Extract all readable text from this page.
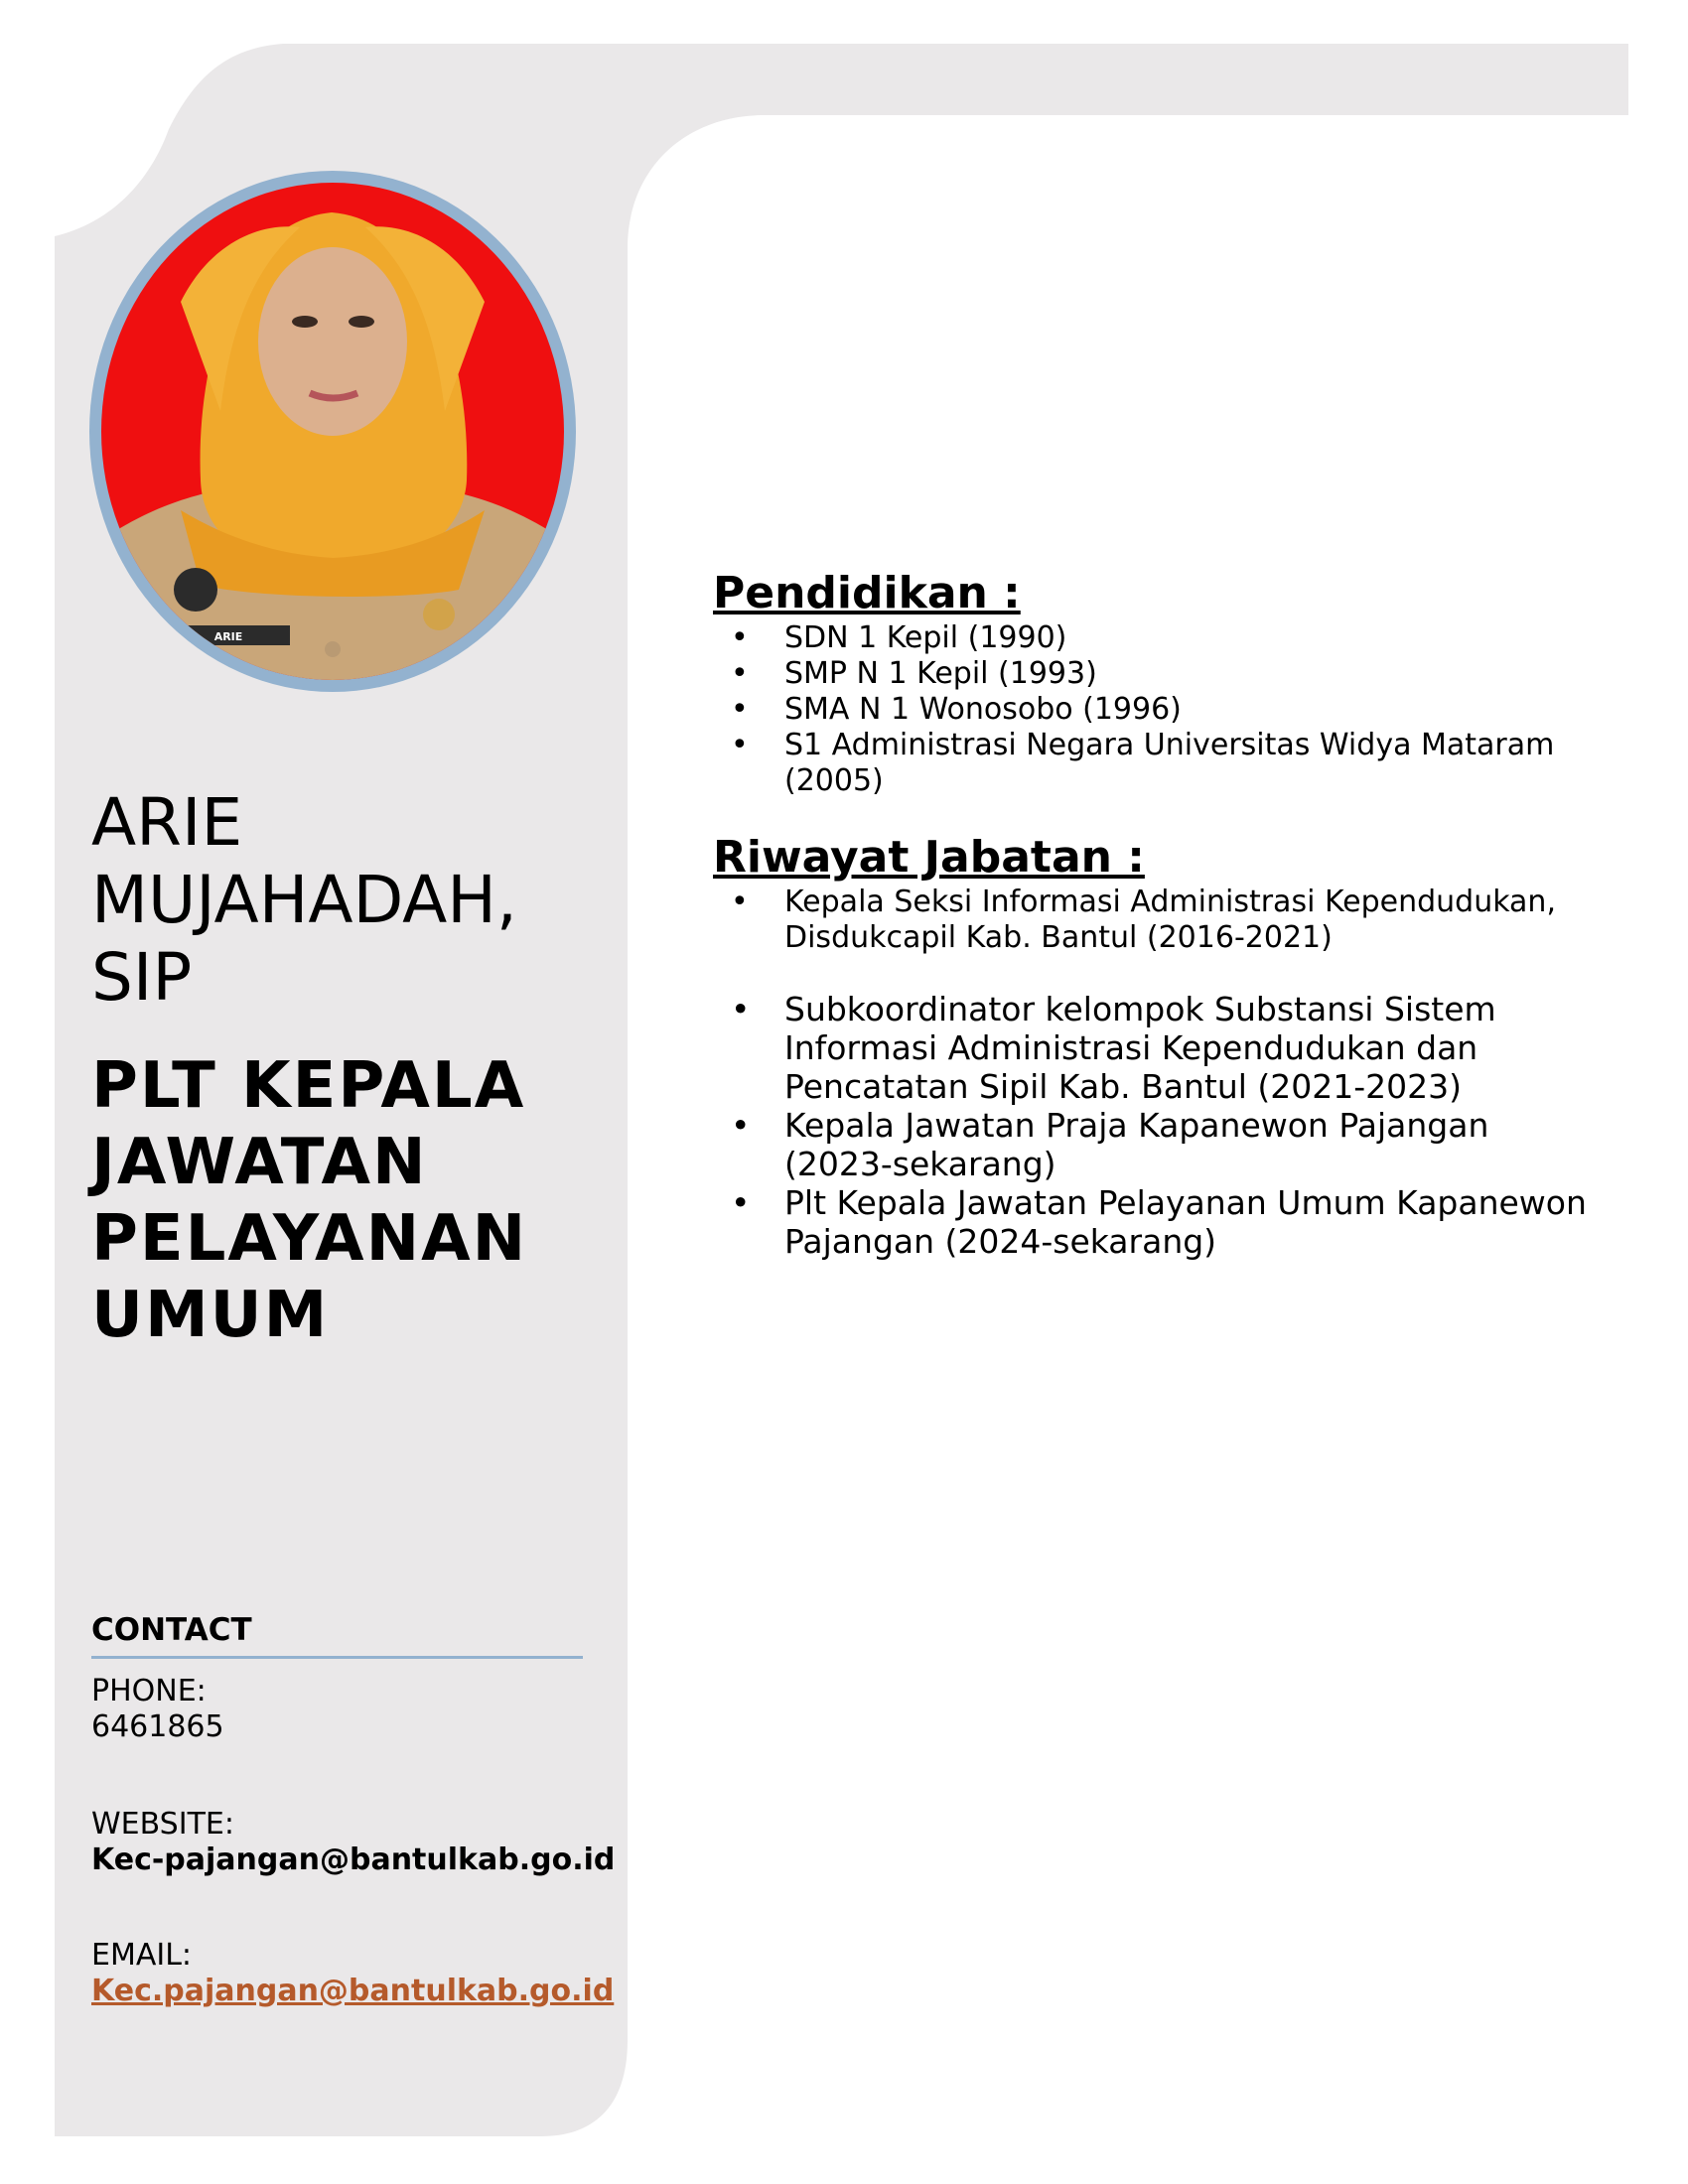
ARIE
ARIE MUJAHADAH, SIP
PLT KEPALA JAWATAN PELAYANAN UMUM
CONTACT
PHONE:
6461865
WEBSITE:
Kec-pajangan@bantulkab.go.id
EMAIL:
Kec.pajangan@bantulkab.go.id
Pendidikan :
• SDN 1 Kepil (1990)
• SMP N 1 Kepil (1993)
• SMA N 1 Wonosobo (1996)
• S1 Administrasi Negara Universitas Widya Mataram (2005)
Riwayat Jabatan :
• Kepala Seksi Informasi Administrasi Kependudukan, Disdukcapil Kab. Bantul (2016-2021)
• Subkoordinator kelompok Substansi Sistem Informasi Administrasi Kependudukan dan Pencatatan Sipil Kab. Bantul (2021-2023)
• Kepala Jawatan Praja Kapanewon Pajangan (2023-sekarang)
• Plt Kepala Jawatan Pelayanan Umum Kapanewon Pajangan (2024-sekarang)
